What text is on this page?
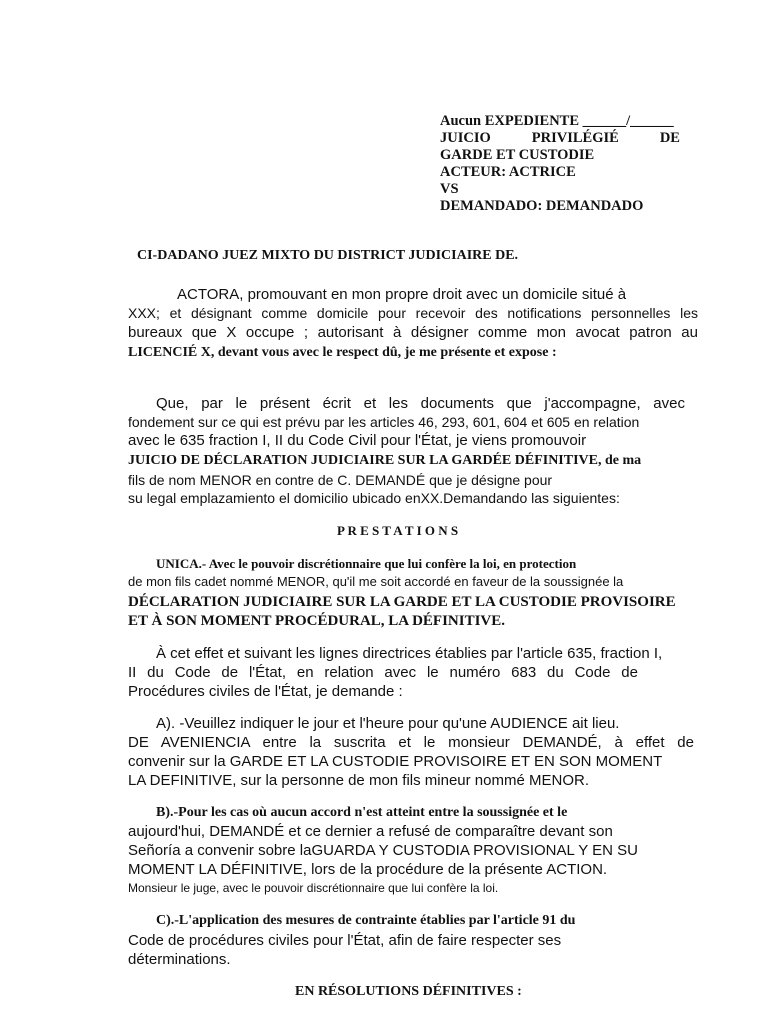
Aucun EXPEDIENTE ______/______
JUICIO	PRIVILÉGIÉ	DE
GARDE ET CUSTODIE
ACTEUR: ACTRICE
VS
DEMANDADO: DEMANDADO
CI-DADANO JUEZ MIXTO DU DISTRICT JUDICIAIRE DE.
ACTORA, promouvant en mon propre droit avec un domicile situé à
XXX; et désignant comme domicile pour recevoir des notifications personnelles les
bureaux que X occupe ; autorisant à désigner comme mon avocat patron au
LICENCIÉ X, devant vous avec le respect dû, je me présente et expose :
Que, par le présent écrit et les documents que j'accompagne, avec
fondement sur ce qui est prévu par les articles 46, 293, 601, 604 et 605 en relation
avec le 635 fraction I, II du Code Civil pour l'État, je viens promouvoir
JUICIO DE DÉCLARATION JUDICIAIRE SUR LA GARDÉE DÉFINITIVE, de ma
fils de nom MENOR en contre de C. DEMANDÉ que je désigne pour
su legal emplazamiento el domicilio ubicado enXX.Demandando las siguientes:
P R E S T A T I O N S
UNICA.- Avec le pouvoir discrétionnaire que lui confère la loi, en protection
de mon fils cadet nommé MENOR, qu'il me soit accordé en faveur de la soussignée la
DÉCLARATION JUDICIAIRE SUR LA GARDE ET LA CUSTODIE PROVISOIRE
ET À SON MOMENT PROCÉDURAL, LA DÉFINITIVE.
À cet effet et suivant les lignes directrices établies par l'article 635, fraction I,
II du Code de l'État, en relation avec le numéro 683 du Code de
Procédures civiles de l'État, je demande :
A). -Veuillez indiquer le jour et l'heure pour qu'une AUDIENCE ait lieu.
DE AVENIENCIA entre la suscrita et le monsieur DEMANDÉ, à effet de
convenir sur la GARDE ET LA CUSTODIE PROVISOIRE ET EN SON MOMENT
LA DEFINITIVE, sur la personne de mon fils mineur nommé MENOR.
B).-Pour les cas où aucun accord n'est atteint entre la soussignée et le
aujourd'hui, DEMANDÉ et ce dernier a refusé de comparaître devant son
Señoría a convenir sobre laGUARDA Y CUSTODIA PROVISIONAL Y EN SU
MOMENT LA DÉFINITIVE, lors de la procédure de la présente ACTION.
Monsieur le juge, avec le pouvoir discrétionnaire que lui confère la loi.
C).-L'application des mesures de contrainte établies par l'article 91 du
Code de procédures civiles pour l'État, afin de faire respecter ses
déterminations.
EN RÉSOLUTIONS DÉFINITIVES :
